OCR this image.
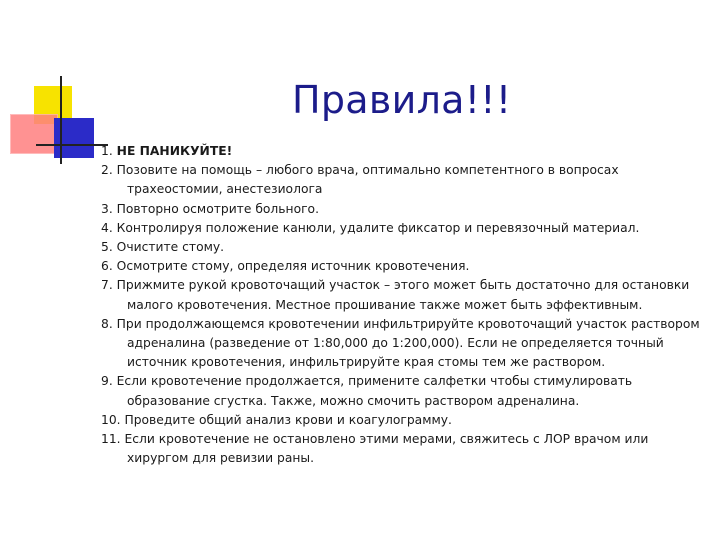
Правила!!!
1. НЕ ПАНИКУЙТЕ!
2. Позовите на помощь – любого врача, оптимально компетентного в вопросах трахеостомии, анестезиолога
3. Повторно осмотрите больного.
4. Контролируя положение канюли, удалите фиксатор и перевязочный материал.
5. Очистите стому.
6. Осмотрите стому, определяя источник кровотечения.
7. Прижмите рукой кровоточащий участок – этого может быть достаточно для остановки малого кровотечения. Местное прошивание также может быть эффективным.
8. При продолжающемся кровотечении инфильтрируйте кровоточащий участок раствором адреналина (разведение от 1:80,000 до 1:200,000). Если не определяется точный источник кровотечения, инфильтрируйте края стомы тем же раствором.
9. Если кровотечение продолжается, примените салфетки чтобы стимулировать образование сгустка. Также, можно смочить раствором адреналина.
10. Проведите общий анализ крови и коагулограмму.
11. Если кровотечение не остановлено этими мерами, свяжитесь с ЛОР врачом или хирургом для ревизии раны.
